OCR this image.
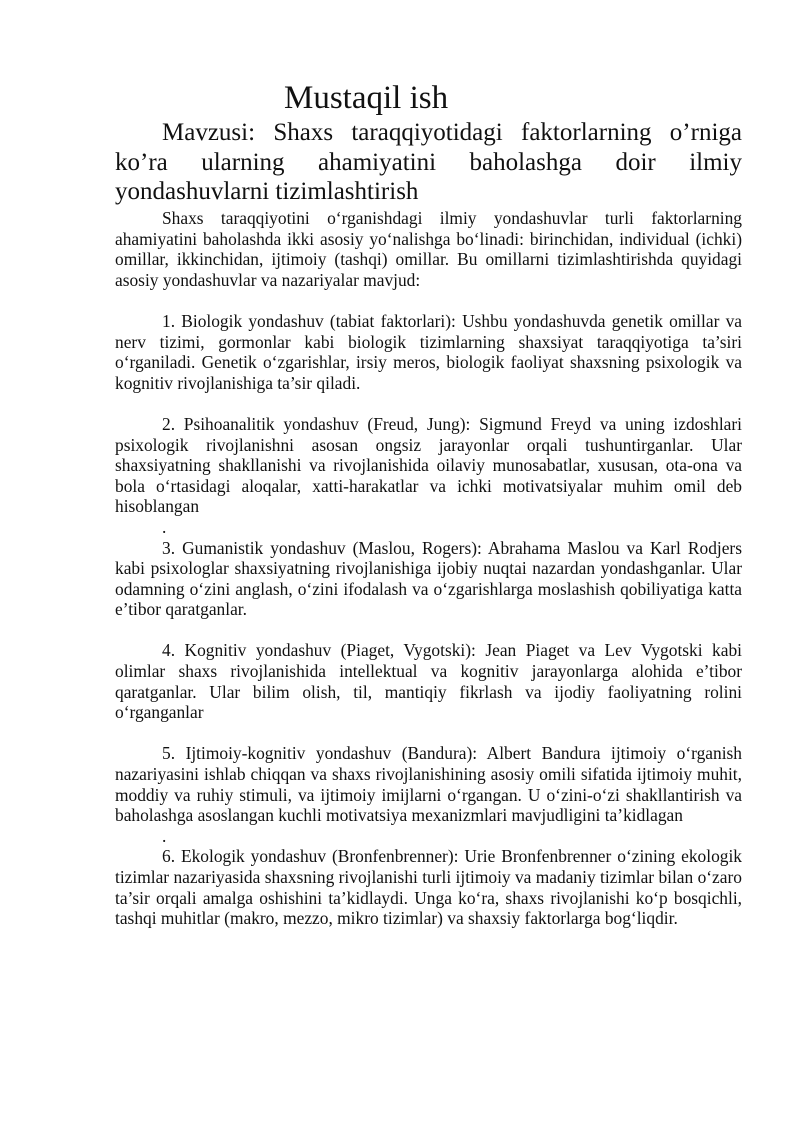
Mustaqil ish

Mavzusi: Shaxs taraqqiyotidagi faktorlarning o’rniga ko’ra ularning ahamiyatini baholashga doir ilmiy yondashuvlarni tizimlashtirish

Shaxs taraqqiyotini o‘rganishdagi ilmiy yondashuvlar turli faktorlarning ahamiyatini baholashda ikki asosiy yo‘nalishga bo‘linadi: birinchidan, individual (ichki) omillar, ikkinchidan, ijtimoiy (tashqi) omillar. Bu omillarni tizimlashtirishda quyidagi asosiy yondashuvlar va nazariyalar mavjud:

1. Biologik yondashuv (tabiat faktorlari): Ushbu yondashuvda genetik omillar va nerv tizimi, gormonlar kabi biologik tizimlarning shaxsiyat taraqqiyotiga ta’siri o‘rganiladi. Genetik o‘zgarishlar, irsiy meros, biologik faoliyat shaxsning psixologik va kognitiv rivojlanishiga ta’sir qiladi.

2. Psihoanalitik yondashuv (Freud, Jung): Sigmund Freyd va uning izdoshlari psixologik rivojlanishni asosan ongsiz jarayonlar orqali tushuntirganlar. Ular shaxsiyatning shakllanishi va rivojlanishida oilaviy munosabatlar, xususan, ota-ona va bola o‘rtasidagi aloqalar, xatti-harakatlar va ichki motivatsiyalar muhim omil deb hisoblangan

.

3. Gumanistik yondashuv (Maslou, Rogers): Abrahama Maslou va Karl Rodjers kabi psixologlar shaxsiyatning rivojlanishiga ijobiy nuqtai nazardan yondashganlar. Ular odamning o‘zini anglash, o‘zini ifodalash va o‘zgarishlarga moslashish qobiliyatiga katta e’tibor qaratganlar.

4. Kognitiv yondashuv (Piaget, Vygotski): Jean Piaget va Lev Vygotski kabi olimlar shaxs rivojlanishida intellektual va kognitiv jarayonlarga alohida e’tibor qaratganlar. Ular bilim olish, til, mantiqiy fikrlash va ijodiy faoliyatning rolini o‘rganganlar

5. Ijtimoiy-kognitiv yondashuv (Bandura): Albert Bandura ijtimoiy o‘rganish nazariyasini ishlab chiqqan va shaxs rivojlanishining asosiy omili sifatida ijtimoiy muhit, moddiy va ruhiy stimuli, va ijtimoiy imijlarni o‘rgangan. U o‘zini-o‘zi shakllantirish va baholashga asoslangan kuchli motivatsiya mexanizmlari mavjudligini ta’kidlagan

.

6. Ekologik yondashuv (Bronfenbrenner): Urie Bronfenbrenner o‘zining ekologik tizimlar nazariyasida shaxsning rivojlanishi turli ijtimoiy va madaniy tizimlar bilan o‘zaro ta’sir orqali amalga oshishini ta’kidlaydi. Unga ko‘ra, shaxs rivojlanishi ko‘p bosqichli, tashqi muhitlar (makro, mezzo, mikro tizimlar) va shaxsiy faktorlarga bog‘liqdir.
